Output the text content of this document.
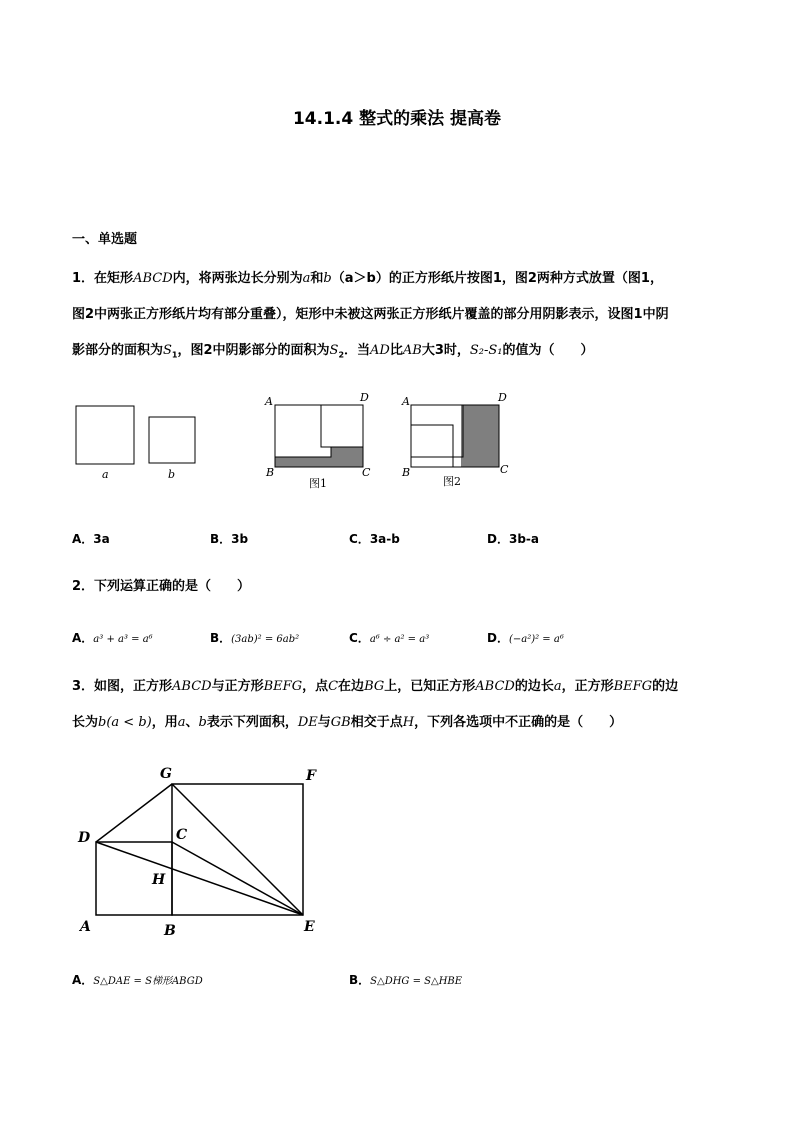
14.1.4 整式的乘法 提高卷
一、单选题
1．在矩形ABCD内，将两张边长分别为a和b（a＞b）的正方形纸片按图1，图2两种方式放置（图1，
图2中两张正方形纸片均有部分重叠），矩形中未被这两张正方形纸片覆盖的部分用阴影表示，设图1中阴
影部分的面积为$S_1$，图2中阴影部分的面积为$S_2$．当AD比AB大3时，S₂-S₁的值为（　　）
a	b
A	D
B	C
图1
A	D
B	C
图2
A．3a	B．3b	C．3a-b	D．3b-a
2．下列运算正确的是（　　）
A．a³ + a³ = a⁶	B．(3ab)² = 6ab²	C．a⁶ ÷ a² = a³	D．(−a²)² = a⁶
3．如图，正方形ABCD与正方形BEFG，点C在边BG上，已知正方形ABCD的边长a，正方形BEFG的边
长为b(a < b)，用a、b表示下列面积，DE与GB相交于点H，下列各选项中不正确的是（　　）
G	F
D	C
H
A	B	E
A．S△DAE = S梯形ABGD	B．S△DHG = S△HBE
